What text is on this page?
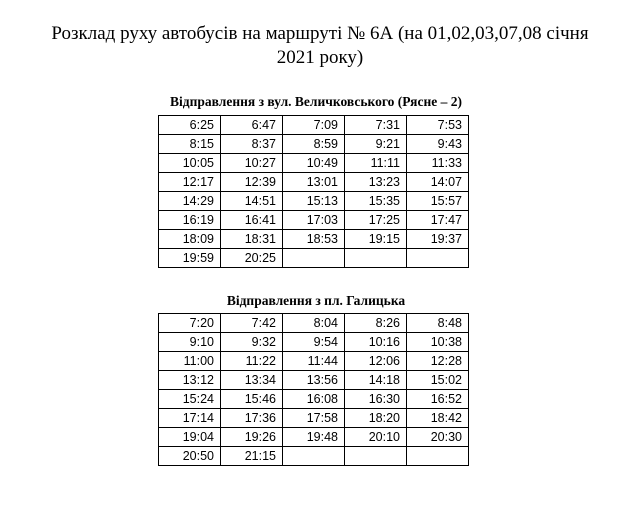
Розклад руху автобусів на маршруті № 6А (на 01,02,03,07,08 січня
2021 року)
Відправлення з вул. Величковського (Рясне – 2)
6:25	6:47	7:09	7:31	7:53
8:15	8:37	8:59	9:21	9:43
10:05	10:27	10:49	11:11	11:33
12:17	12:39	13:01	13:23	14:07
14:29	14:51	15:13	15:35	15:57
16:19	16:41	17:03	17:25	17:47
18:09	18:31	18:53	19:15	19:37
19:59	20:25			
Відправлення з пл. Галицька
7:20	7:42	8:04	8:26	8:48
9:10	9:32	9:54	10:16	10:38
11:00	11:22	11:44	12:06	12:28
13:12	13:34	13:56	14:18	15:02
15:24	15:46	16:08	16:30	16:52
17:14	17:36	17:58	18:20	18:42
19:04	19:26	19:48	20:10	20:30
20:50	21:15			
